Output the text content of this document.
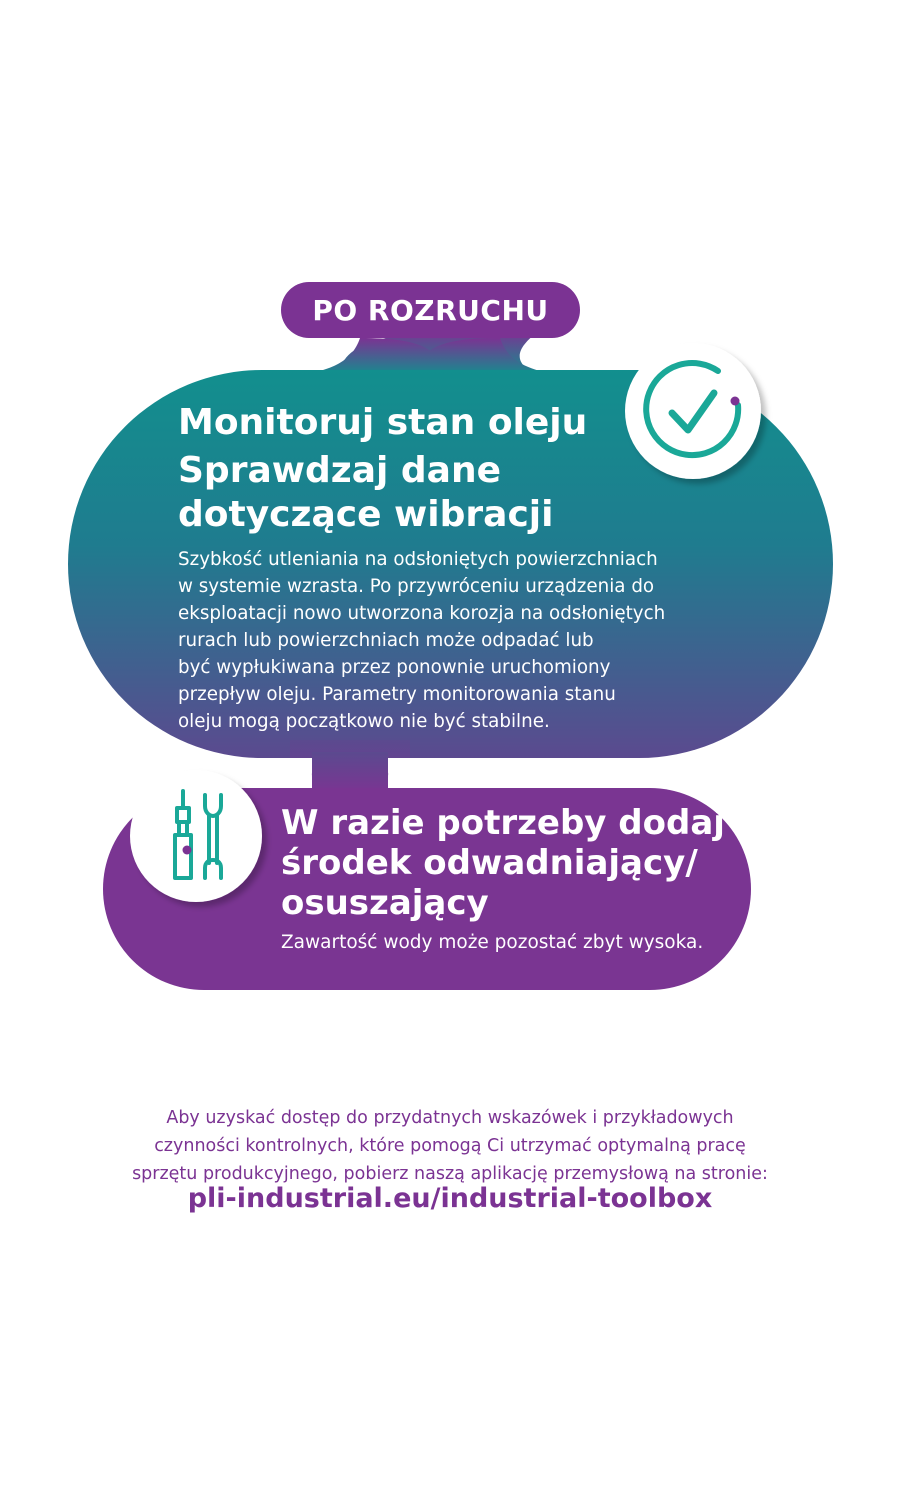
PO ROZRUCHU
Monitoruj stan oleju
Sprawdzaj dane
dotyczące wibracji
Szybkość utleniania na odsłoniętych powierzchniach
w systemie wzrasta. Po przywróceniu urządzenia do
eksploatacji nowo utworzona korozja na odsłoniętych
rurach lub powierzchniach może odpadać lub
być wypłukiwana przez ponownie uruchomiony
przepływ oleju. Parametry monitorowania stanu
oleju mogą początkowo nie być stabilne.
W razie potrzeby dodaj
środek odwadniający/
osuszający
Zawartość wody może pozostać zbyt wysoka.
Aby uzyskać dostęp do przydatnych wskazówek i przykładowych
czynności kontrolnych, które pomogą Ci utrzymać optymalną pracę
sprzętu produkcyjnego, pobierz naszą aplikację przemysłową na stronie:
pli-industrial.eu/industrial-toolbox
